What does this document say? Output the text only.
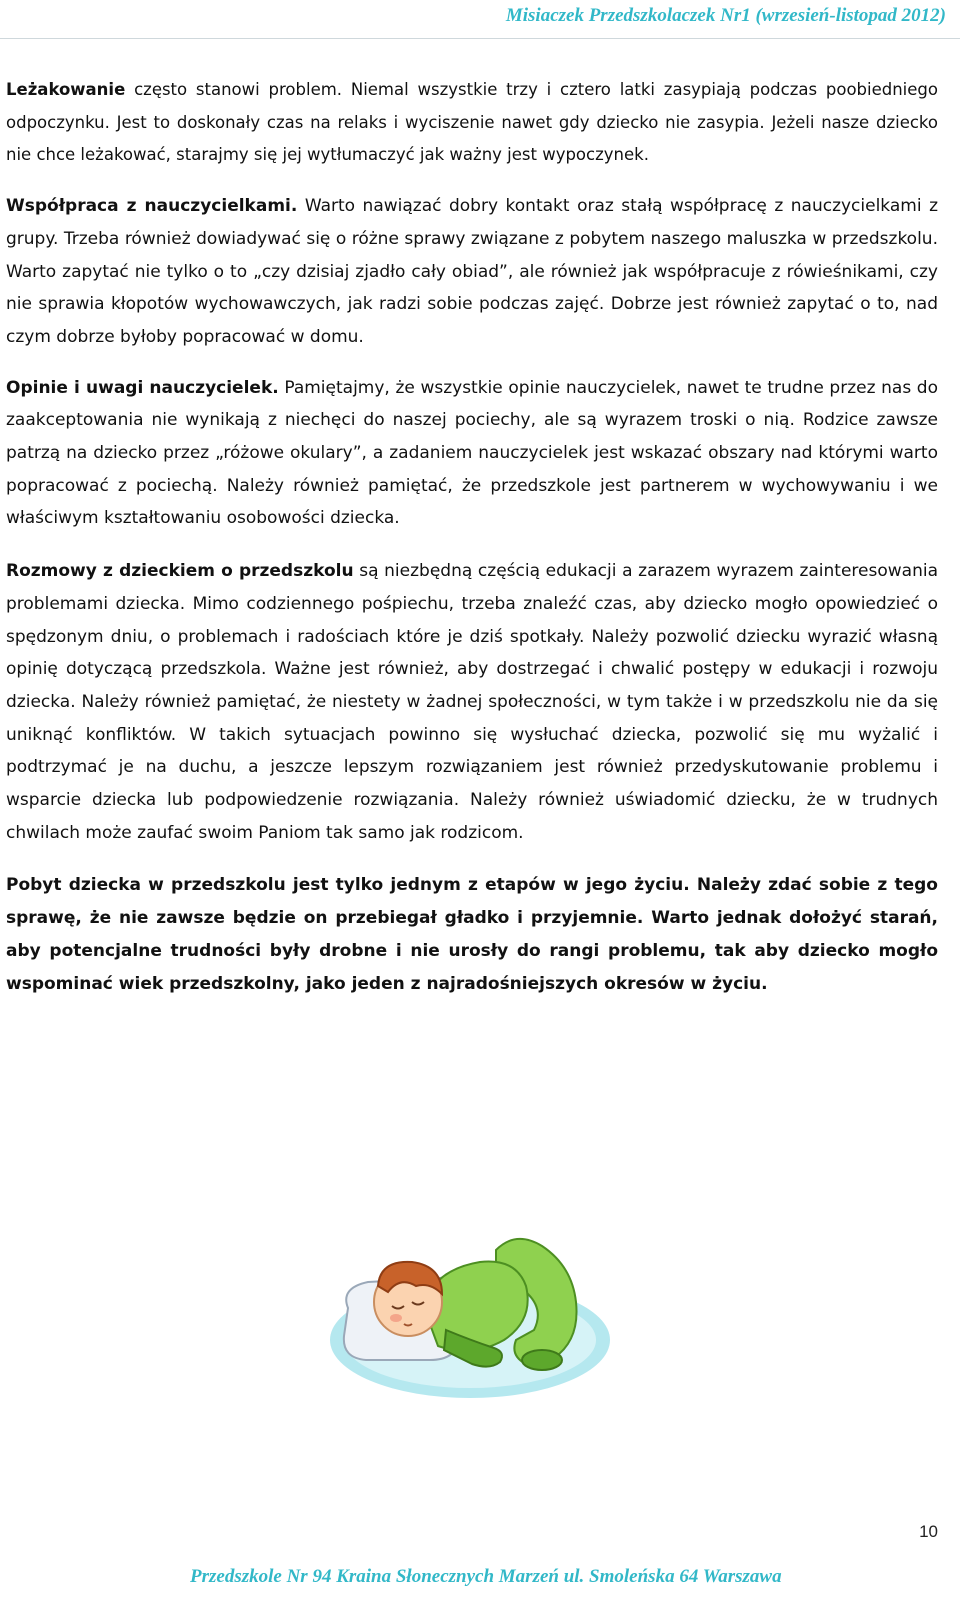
Misiaczek Przedszkolaczek Nr1 (wrzesień-listopad 2012)

Leżakowanie często stanowi problem. Niemal wszystkie trzy i cztero latki zasypiają podczas poobiedniego odpoczynku. Jest to doskonały czas na relaks i wyciszenie nawet gdy dziecko nie zasypia. Jeżeli nasze dziecko nie chce leżakować, starajmy się jej wytłumaczyć jak ważny jest wypoczynek.

Współpraca z nauczycielkami. Warto nawiązać dobry kontakt oraz stałą współpracę z nauczycielkami z grupy. Trzeba również dowiadywać się o różne sprawy związane z pobytem naszego maluszka w przedszkolu. Warto zapytać nie tylko o to „czy dzisiaj zjadło cały obiad”, ale również jak współpracuje z rówieśnikami, czy nie sprawia kłopotów wychowawczych, jak radzi sobie podczas zajęć. Dobrze jest również zapytać o to, nad czym dobrze byłoby popracować w domu.

Opinie i uwagi nauczycielek. Pamiętajmy, że wszystkie opinie nauczycielek, nawet te trudne przez nas do zaakceptowania nie wynikają z niechęci do naszej pociechy, ale są wyrazem troski o nią. Rodzice zawsze patrzą na dziecko przez „różowe okulary”, a zadaniem nauczycielek jest wskazać obszary nad którymi warto popracować z pociechą. Należy również pamiętać, że przedszkole jest partnerem w wychowywaniu i we właściwym kształtowaniu osobowości dziecka.

Rozmowy z dzieckiem o przedszkolu są niezbędną częścią edukacji a zarazem wyrazem zainteresowania problemami dziecka. Mimo codziennego pośpiechu, trzeba znaleźć czas, aby dziecko mogło opowiedzieć o spędzonym dniu, o problemach i radościach które je dziś spotkały. Należy pozwolić dziecku wyrazić własną opinię dotyczącą przedszkola. Ważne jest również, aby dostrzegać i chwalić postępy w edukacji i rozwoju dziecka. Należy również pamiętać, że niestety w żadnej społeczności, w tym także i w przedszkolu nie da się uniknąć konfliktów. W takich sytuacjach powinno się wysłuchać dziecka, pozwolić się mu wyżalić i podtrzymać je na duchu, a jeszcze lepszym rozwiązaniem jest również przedyskutowanie problemu i wsparcie dziecka lub podpowiedzenie rozwiązania. Należy również uświadomić dziecku, że w trudnych chwilach może zaufać swoim Paniom tak samo jak rodzicom.

Pobyt dziecka w przedszkolu jest tylko jednym z etapów w jego życiu. Należy zdać sobie z tego sprawę, że nie zawsze będzie on przebiegał gładko i przyjemnie. Warto jednak dołożyć starań, aby potencjalne trudności były drobne i nie urosły do rangi problemu, tak aby dziecko mogło wspominać wiek przedszkolny, jako jeden z najradośniejszych okresów w życiu.

10
Przedszkole Nr 94 Kraina Słonecznych Marzeń ul. Smoleńska 64 Warszawa
